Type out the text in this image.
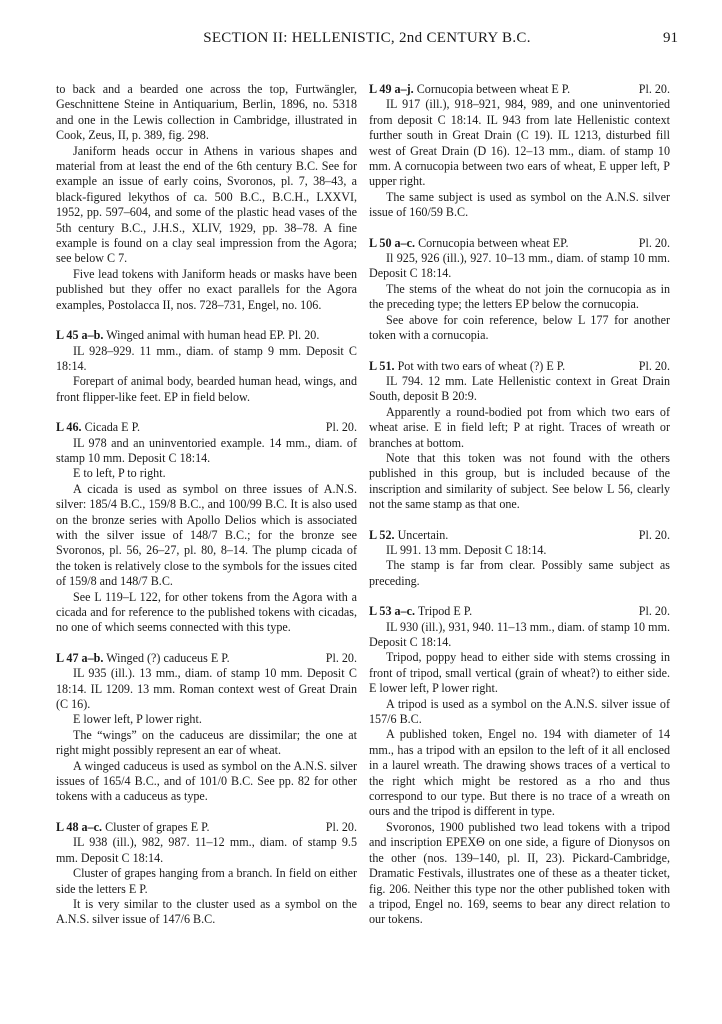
SECTION II: HELLENISTIC, 2nd CENTURY B.C.	91

to back and a bearded one across the top, Furtwängler, Geschnittene Steine in Antiquarium, Berlin, 1896, no. 5318 and one in the Lewis collection in Cambridge, illustrated in Cook, Zeus, II, p. 389, fig. 298.

Janiform heads occur in Athens in various shapes and material from at least the end of the 6th century B.C. See for example an issue of early coins, Svoronos, pl. 7, 38–43, a black-figured lekythos of ca. 500 B.C., B.C.H., LXXVI, 1952, pp. 597–604, and some of the plastic head vases of the 5th century B.C., J.H.S., XLIV, 1929, pp. 38–78. A fine example is found on a clay seal impression from the Agora; see below C 7.

Five lead tokens with Janiform heads or masks have been published but they offer no exact parallels for the Agora examples, Postolacca II, nos. 728–731, Engel, no. 106.

L 45 a–b. Winged animal with human head EP. Pl. 20.

IL 928–929. 11 mm., diam. of stamp 9 mm. Deposit C 18:14.

Forepart of animal body, bearded human head, wings, and front flipper-like feet. EP in field below.

L 46. Cicada E P.	Pl. 20.

IL 978 and an uninventoried example. 14 mm., diam. of stamp 10 mm. Deposit C 18:14.

E to left, P to right.

A cicada is used as symbol on three issues of A.N.S. silver: 185/4 B.C., 159/8 B.C., and 100/99 B.C. It is also used on the bronze series with Apollo Delios which is associated with the silver issue of 148/7 B.C.; for the bronze see Svoronos, pl. 56, 26–27, pl. 80, 8–14. The plump cicada of the token is relatively close to the symbols for the issues cited of 159/8 and 148/7 B.C.

See L 119–L 122, for other tokens from the Agora with a cicada and for reference to the published tokens with cicadas, no one of which seems connected with this type.

L 47 a–b. Winged (?) caduceus E P.	Pl. 20.

IL 935 (ill.). 13 mm., diam. of stamp 10 mm. Deposit C 18:14. IL 1209. 13 mm. Roman context west of Great Drain (C 16).

E lower left, P lower right.

The “wings” on the caduceus are dissimilar; the one at right might possibly represent an ear of wheat.

A winged caduceus is used as symbol on the A.N.S. silver issues of 165/4 B.C., and of 101/0 B.C. See pp. 82 for other tokens with a caduceus as type.

L 48 a–c. Cluster of grapes E P.	Pl. 20.

IL 938 (ill.), 982, 987. 11–12 mm., diam. of stamp 9.5 mm. Deposit C 18:14.

Cluster of grapes hanging from a branch. In field on either side the letters E P.

It is very similar to the cluster used as a symbol on the A.N.S. silver issue of 147/6 B.C.

L 49 a–j. Cornucopia between wheat E P.	Pl. 20.

IL 917 (ill.), 918–921, 984, 989, and one uninventoried from deposit C 18:14. IL 943 from late Hellenistic context further south in Great Drain (C 19). IL 1213, disturbed fill west of Great Drain (D 16). 12–13 mm., diam. of stamp 10 mm. A cornucopia between two ears of wheat, E upper left, P upper right.

The same subject is used as symbol on the A.N.S. silver issue of 160/59 B.C.

L 50 a–c. Cornucopia between wheat EP.	Pl. 20.

Il 925, 926 (ill.), 927. 10–13 mm., diam. of stamp 10 mm. Deposit C 18:14.

The stems of the wheat do not join the cornucopia as in the preceding type; the letters EP below the cornucopia.

See above for coin reference, below L 177 for another token with a cornucopia.

L 51. Pot with two ears of wheat (?) E P.	Pl. 20.

IL 794. 12 mm. Late Hellenistic context in Great Drain South, deposit B 20:9.

Apparently a round-bodied pot from which two ears of wheat arise. E in field left; P at right. Traces of wreath or branches at bottom.

Note that this token was not found with the others published in this group, but is included because of the inscription and similarity of subject. See below L 56, clearly not the same stamp as that one.

L 52. Uncertain.	Pl. 20.

IL 991. 13 mm. Deposit C 18:14.

The stamp is far from clear. Possibly same subject as preceding.

L 53 a–c. Tripod E P.	Pl. 20.

IL 930 (ill.), 931, 940. 11–13 mm., diam. of stamp 10 mm. Deposit C 18:14.

Tripod, poppy head to either side with stems crossing in front of tripod, small vertical (grain of wheat?) to either side. E lower left, P lower right.

A tripod is used as a symbol on the A.N.S. silver issue of 157/6 B.C.

A published token, Engel no. 194 with diameter of 14 mm., has a tripod with an epsilon to the left of it all enclosed in a laurel wreath. The drawing shows traces of a vertical to the right which might be restored as a rho and thus correspond to our type. But there is no trace of a wreath on ours and the tripod is different in type.

Svoronos, 1900 published two lead tokens with a tripod and inscription EPEXΘ on one side, a figure of Dionysos on the other (nos. 139–140, pl. II, 23). Pickard-Cambridge, Dramatic Festivals, illustrates one of these as a theater ticket, fig. 206. Neither this type nor the other published token with a tripod, Engel no. 169, seems to bear any direct relation to our tokens.
